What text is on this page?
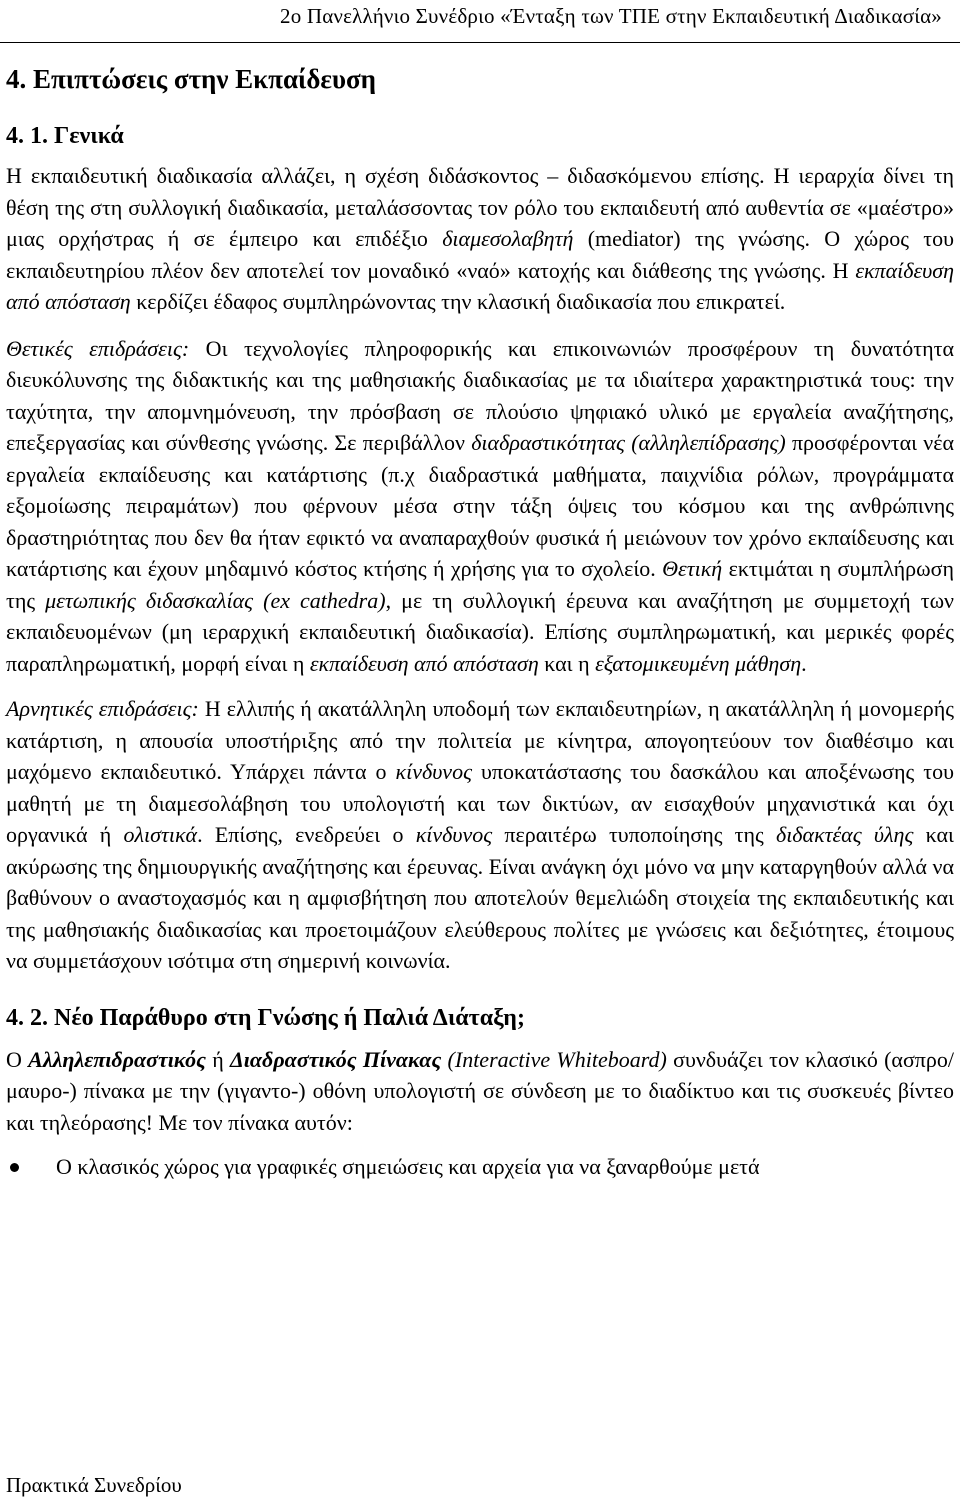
2ο Πανελλήνιο Συνέδριο «Ένταξη των ΤΠΕ στην Εκπαιδευτική Διαδικασία»
4. Επιπτώσεις στην Εκπαίδευση
4. 1. Γενικά

Η εκπαιδευτική διαδικασία αλλάζει, η σχέση διδάσκοντος – διδασκόμενου επίσης. Η ιεραρχία δίνει τη θέση της στη συλλογική διαδικασία, μεταλάσσοντας τον ρόλο του εκπαιδευτή από αυθεντία σε «μαέστρο» μιας ορχήστρας ή σε έμπειρο και επιδέξιο διαμεσολαβητή (mediator) της γνώσης. Ο χώρος του εκπαιδευτηρίου πλέον δεν αποτελεί τον μοναδικό «ναό» κατοχής και διάθεσης της γνώσης. Η εκπαίδευση από απόσταση κερδίζει έδαφος συμπληρώνοντας την κλασική διαδικασία που επικρατεί.

Θετικές επιδράσεις: Οι τεχνολογίες πληροφορικής και επικοινωνιών προσφέρουν τη δυνατότητα διευκόλυνσης της διδακτικής και της μαθησιακής διαδικασίας με τα ιδιαίτερα χαρακτηριστικά τους: την ταχύτητα, την απομνημόνευση, την πρόσβαση σε πλούσιο ψηφιακό υλικό με εργαλεία αναζήτησης, επεξεργασίας και σύνθεσης γνώσης. Σε περιβάλλον διαδραστικότητας (αλληλεπίδρασης) προσφέρονται νέα εργαλεία εκπαίδευσης και κατάρτισης (π.χ διαδραστικά μαθήματα, παιχνίδια ρόλων, προγράμματα εξομοίωσης πειραμάτων) που φέρνουν μέσα στην τάξη όψεις του κόσμου και της ανθρώπινης δραστηριότητας που δεν θα ήταν εφικτό να αναπαραχθούν φυσικά ή μειώνουν τον χρόνο εκπαίδευσης και κατάρτισης και έχουν μηδαμινό κόστος κτήσης ή χρήσης για το σχολείο. Θετική εκτιμάται η συμπλήρωση της μετωπικής διδασκαλίας (ex cathedra), με τη συλλογική έρευνα και αναζήτηση με συμμετοχή των εκπαιδευομένων (μη ιεραρχική εκπαιδευτική διαδικασία). Επίσης συμπληρωματική, και μερικές φορές παραπληρωματική, μορφή είναι η εκπαίδευση από απόσταση και η εξατομικευμένη μάθηση.

Αρνητικές επιδράσεις: Η ελλιπής ή ακατάλληλη υποδομή των εκπαιδευτηρίων, η ακατάλληλη ή μονομερής κατάρτιση, η απουσία υποστήριξης από την πολιτεία με κίνητρα, απογοητεύουν τον διαθέσιμο και μαχόμενο εκπαιδευτικό. Υπάρχει πάντα ο κίνδυνος υποκατάστασης του δασκάλου και αποξένωσης του μαθητή με τη διαμεσολάβηση του υπολογιστή και των δικτύων, αν εισαχθούν μηχανιστικά και όχι οργανικά ή ολιστικά. Επίσης, ενεδρεύει ο κίνδυνος περαιτέρω τυποποίησης της διδακτέας ύλης και ακύρωσης της δημιουργικής αναζήτησης και έρευνας. Είναι ανάγκη όχι μόνο να μην καταργηθούν αλλά να βαθύνουν ο αναστοχασμός και η αμφισβήτηση που αποτελούν θεμελιώδη στοιχεία της εκπαιδευτικής και της μαθησιακής διαδικασίας και προετοιμάζουν ελεύθερους πολίτες με γνώσεις και δεξιότητες, έτοιμους να συμμετάσχουν ισότιμα στη σημερινή κοινωνία.

4. 2. Νέο Παράθυρο στη Γνώσης ή Παλιά Διάταξη;

Ο Αλληλεπιδραστικός ή Διαδραστικός Πίνακας (Interactive Whiteboard) συνδυάζει τον κλασικό (ασπρο/μαυρο-) πίνακα με την (γιγαντο-) οθόνη υπολογιστή σε σύνδεση με το διαδίκτυο και τις συσκευές βίντεο και τηλεόρασης! Με τον πίνακα αυτόν:

Ο κλασικός χώρος για γραφικές σημειώσεις και αρχεία για να ξαναρθούμε μετά
Πρακτικά Συνεδρίου
